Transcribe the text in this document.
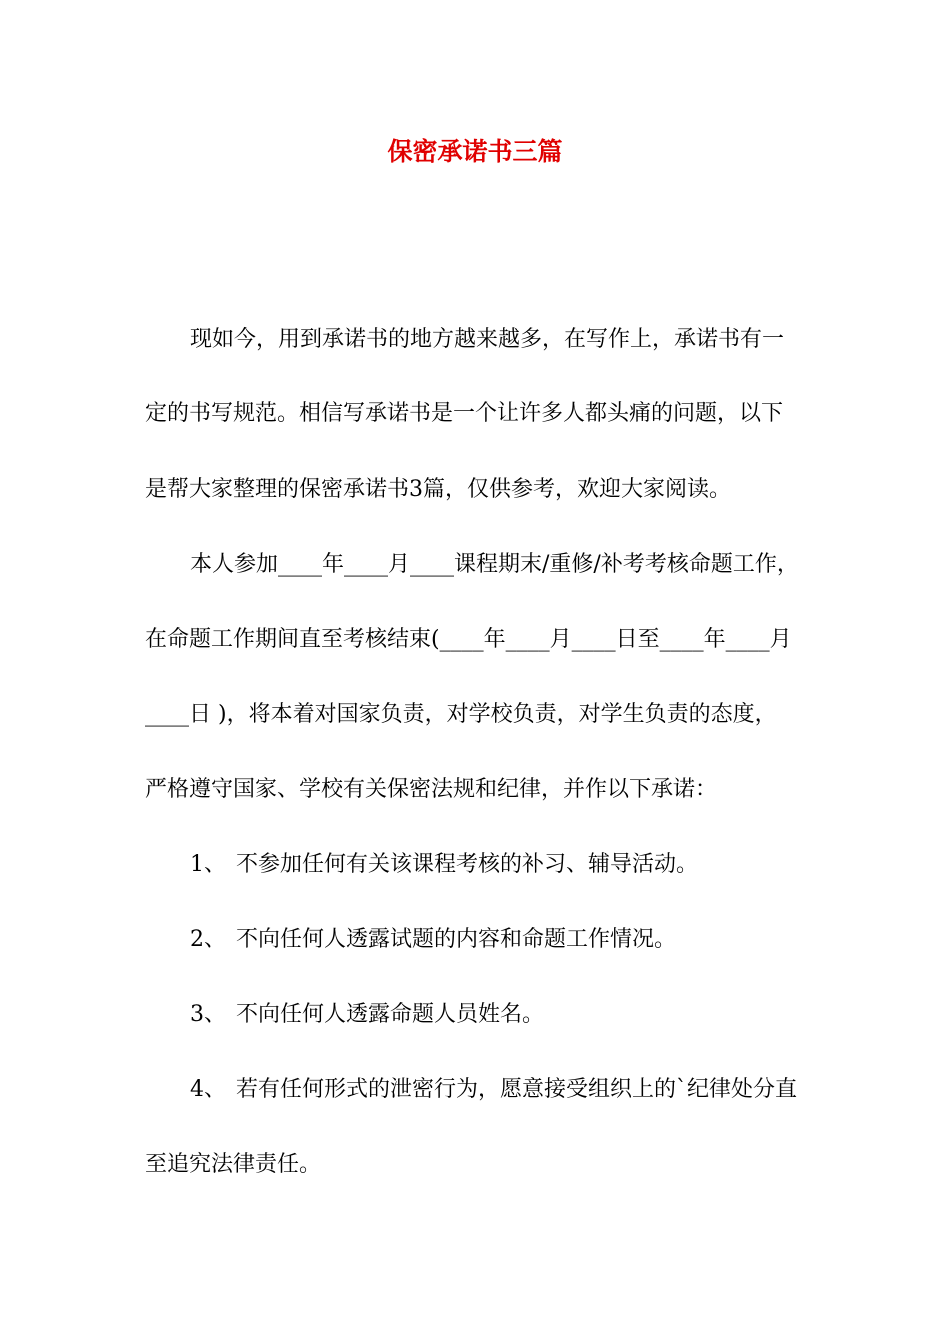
保密承诺书三篇
现如今，用到承诺书的地方越来越多，在写作上，承诺书有一
定的书写规范。相信写承诺书是一个让许多人都头痛的问题，以下
是帮大家整理的保密承诺书3篇，仅供参考，欢迎大家阅读。
本人参加____年____月____课程期末/重修/补考考核命题工作，
在命题工作期间直至考核结束(____年____月____日至____年____月
____日 )，将本着对国家负责，对学校负责，对学生负责的态度，
严格遵守国家、学校有关保密法规和纪律，并作以下承诺：
1、 不参加任何有关该课程考核的补习、辅导活动。
2、 不向任何人透露试题的内容和命题工作情况。
3、 不向任何人透露命题人员姓名。
4、 若有任何形式的泄密行为，愿意接受组织上的`纪律处分直
至追究法律责任。
